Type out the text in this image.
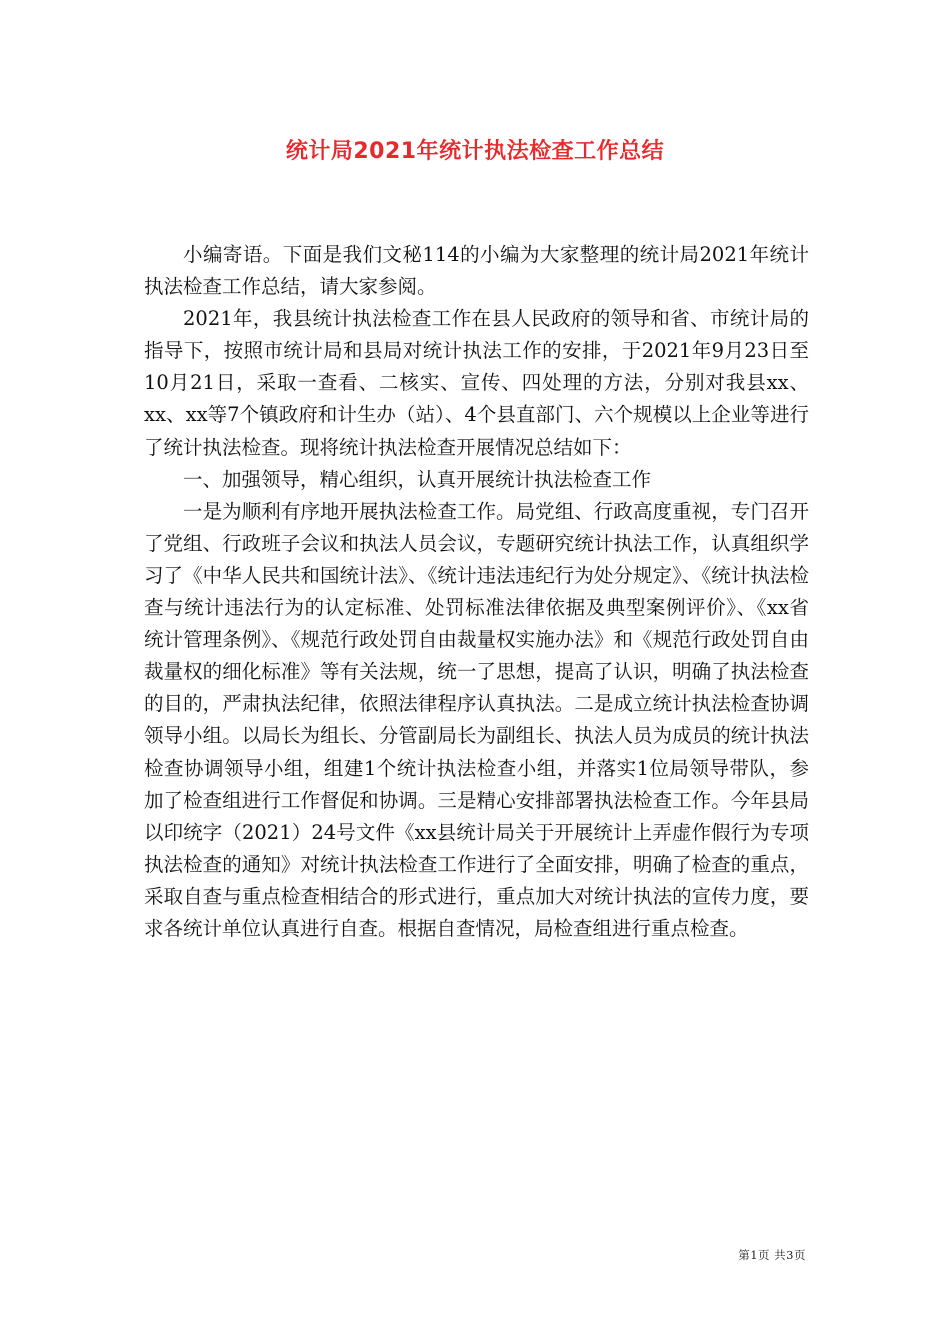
统计局2021年统计执法检查工作总结

小编寄语。下面是我们文秘114的小编为大家整理的统计局2021年统计执法检查工作总结，请大家参阅。

2021年，我县统计执法检查工作在县人民政府的领导和省、市统计局的指导下，按照市统计局和县局对统计执法工作的安排，于2021年9月23日至10月21日，采取一查看、二核实、宣传、四处理的方法，分别对我县xx、xx、xx等7个镇政府和计生办（站）、4个县直部门、六个规模以上企业等进行了统计执法检查。现将统计执法检查开展情况总结如下：

一、加强领导，精心组织，认真开展统计执法检查工作

一是为顺利有序地开展执法检查工作。局党组、行政高度重视，专门召开了党组、行政班子会议和执法人员会议，专题研究统计执法工作，认真组织学习了《中华人民共和国统计法》、《统计违法违纪行为处分规定》、《统计执法检查与统计违法行为的认定标准、处罚标准法律依据及典型案例评价》、《xx省统计管理条例》、《规范行政处罚自由裁量权实施办法》和《规范行政处罚自由裁量权的细化标准》等有关法规，统一了思想，提高了认识，明确了执法检查的目的，严肃执法纪律，依照法律程序认真执法。二是成立统计执法检查协调领导小组。以局长为组长、分管副局长为副组长、执法人员为成员的统计执法检查协调领导小组，组建1个统计执法检查小组，并落实1位局领导带队，参加了检查组进行工作督促和协调。三是精心安排部署执法检查工作。今年县局以印统字（2021）24号文件《xx县统计局关于开展统计上弄虚作假行为专项执法检查的通知》对统计执法检查工作进行了全面安排，明确了检查的重点，采取自查与重点检查相结合的形式进行，重点加大对统计执法的宣传力度，要求各统计单位认真进行自查。根据自查情况，局检查组进行重点检查。

第1页 共3页
